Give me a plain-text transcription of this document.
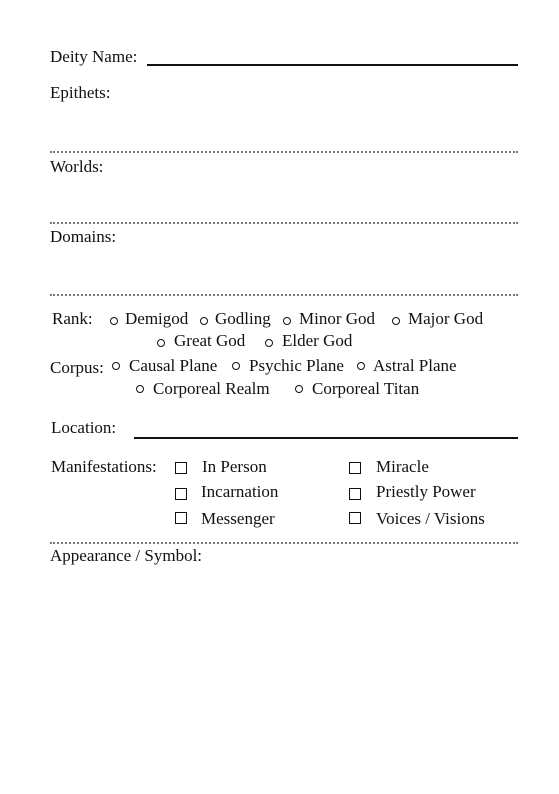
Deity Name:
Epithets:
Worlds:
Domains:
Rank: Demigod Godling Minor God Major God
Great God Elder God
Corpus: Causal Plane Psychic Plane Astral Plane
Corporeal Realm Corporeal Titan
Location:
Manifestations:	In Person
Incarnation
Messenger
Miracle
Priestly Power
Voices / Visions
Appearance / Symbol:
